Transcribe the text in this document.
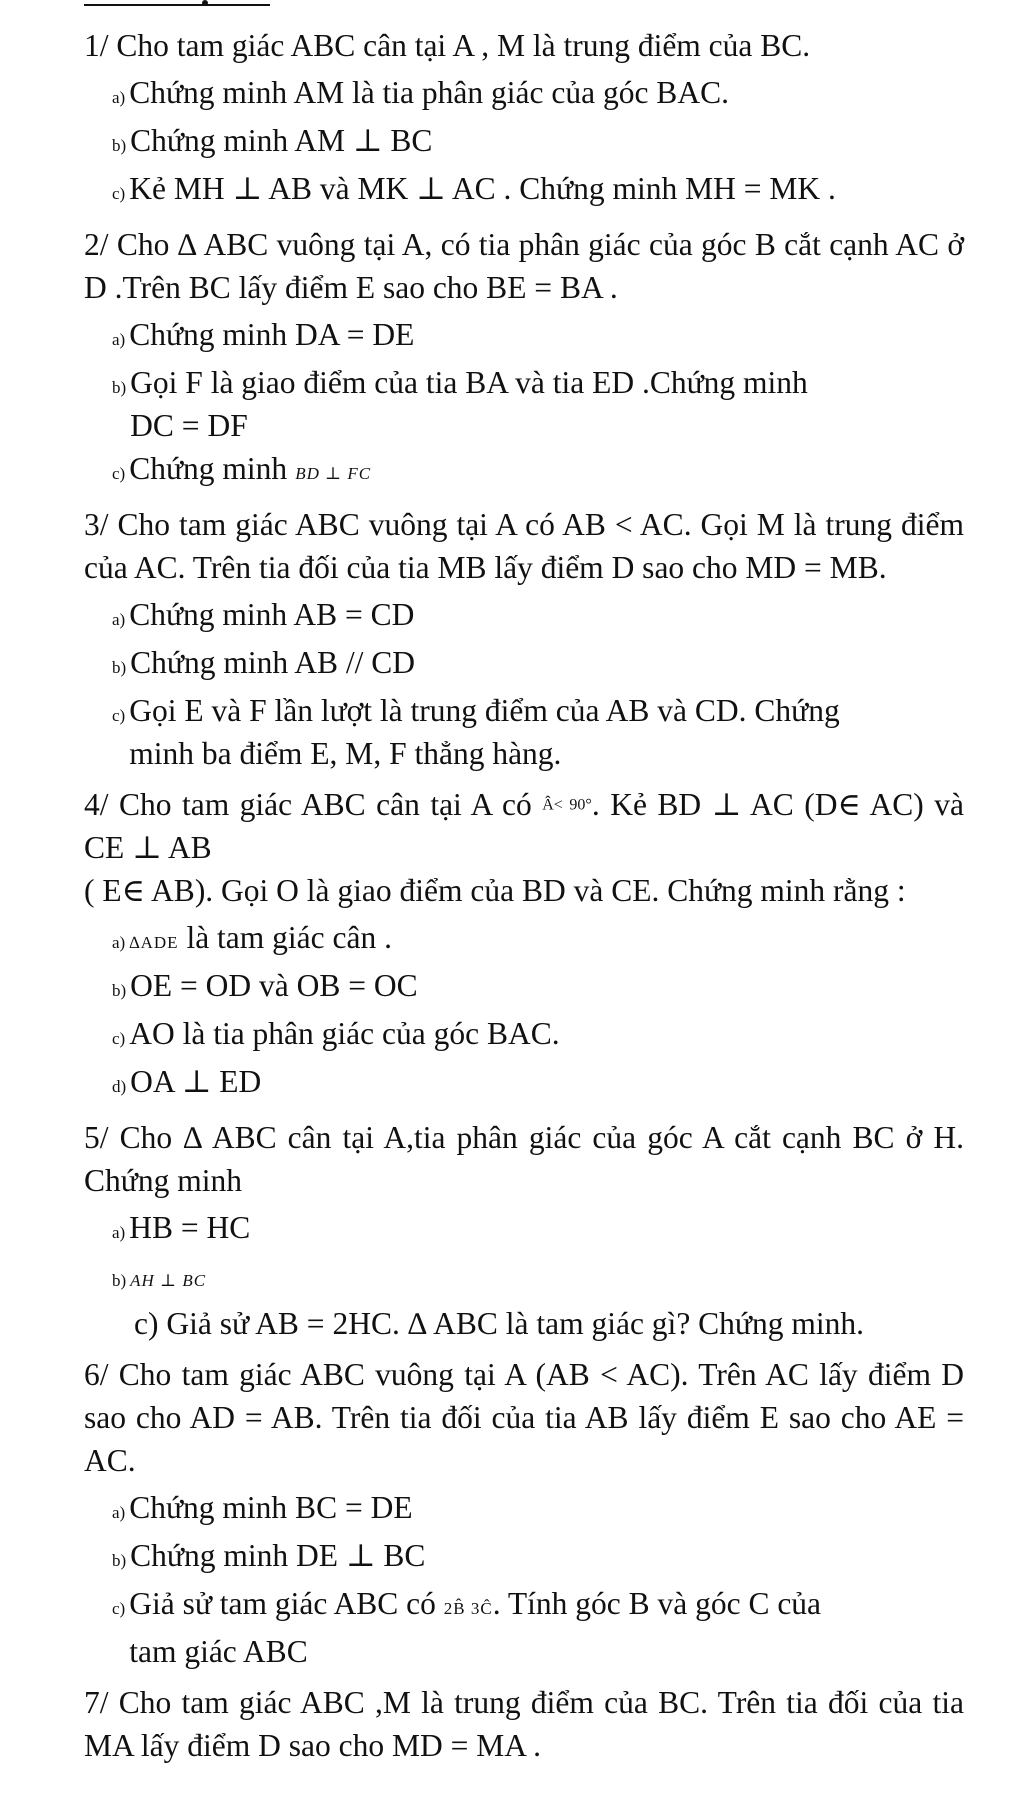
1/ Cho tam giác ABC cân tại A , M là trung điểm của BC.

a) Chứng minh AM là tia phân giác của góc BAC.
b) Chứng minh AM ⊥ BC
c) Kẻ MH ⊥ AB và MK ⊥ AC . Chứng minh MH = MK .

2/ Cho ∆ ABC vuông tại A, có tia phân giác của góc B cắt cạnh AC ở D .Trên BC lấy điểm E sao cho BE = BA .

a) Chứng minh DA = DE
b) Gọi F là giao điểm của tia BA và tia ED .Chứng minh
DC = DF
c) Chứng minh BD ⊥ FC

3/ Cho tam giác ABC vuông tại A có AB < AC. Gọi M là trung điểm của AC. Trên tia đối của tia MB lấy điểm D sao cho MD = MB.

a) Chứng minh AB = CD
b) Chứng minh AB // CD
c) Gọi E và F lần lượt là trung điểm của AB và CD. Chứng
minh ba điểm E, M, F thẳng hàng.

4/ Cho tam giác ABC cân tại A có Â< 90°. Kẻ BD ⊥ AC (D∈ AC) và CE ⊥ AB
( E∈ AB). Gọi O là giao điểm của BD và CE. Chứng minh rằng :

a) ∆ADE là tam giác cân .
b) OE = OD và OB = OC
c) AO là tia phân giác của góc BAC.
d) OA ⊥ ED

5/ Cho ∆ ABC cân tại A,tia phân giác của góc A cắt cạnh BC ở H. Chứng minh

a) HB = HC
b) AH ⊥ BC
c) Giả sử AB = 2HC. ∆ ABC là tam giác gì? Chứng minh.

6/ Cho tam giác ABC vuông tại A (AB < AC). Trên AC lấy điểm D sao cho AD = AB. Trên tia đối của tia AB lấy điểm E sao cho AE = AC.

a) Chứng minh BC = DE
b) Chứng minh DE ⊥ BC
c) Giả sử tam giác ABC có 2B̂ 3Ĉ. Tính góc B và góc C của
tam giác ABC

7/ Cho tam giác ABC ,M là trung điểm của BC. Trên tia đối của tia MA lấy điểm D sao cho MD = MA .
